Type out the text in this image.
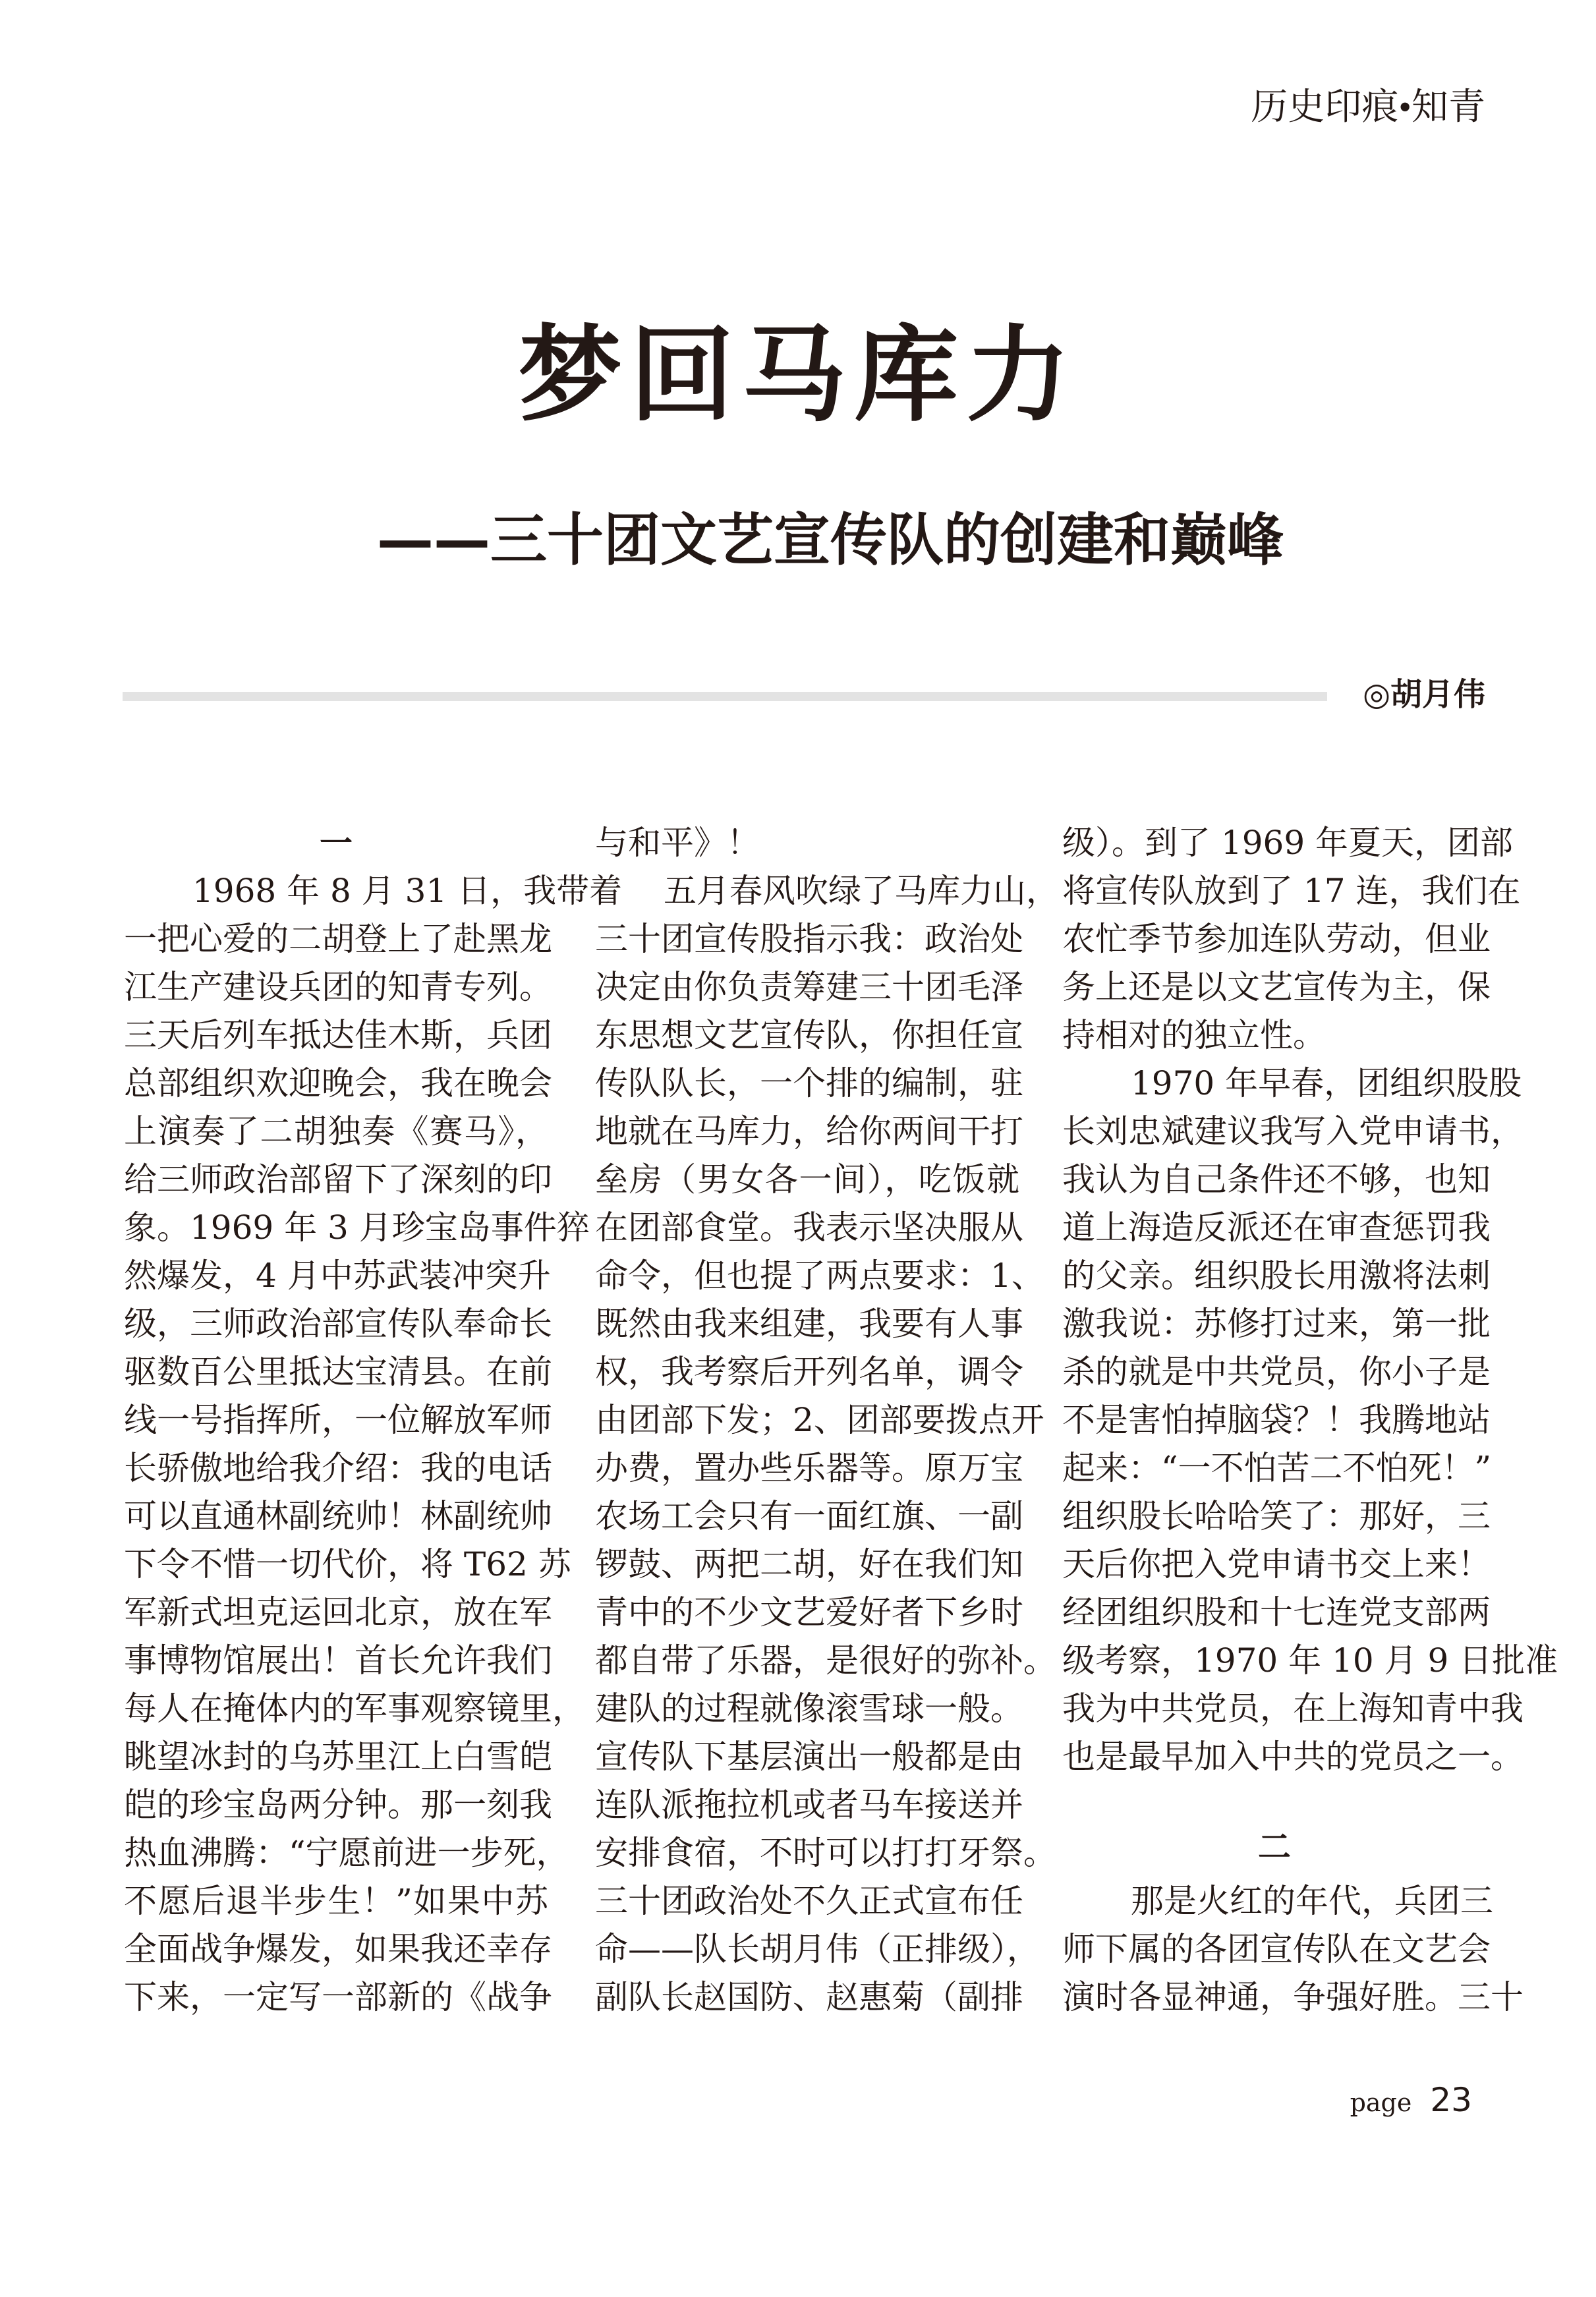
历史印痕•知青
梦回马库力
——三十团文艺宣传队的创建和巅峰
◎胡月伟
一
1968 年 8 月 31 日，我带着
一把心爱的二胡登上了赴黑龙
江生产建设兵团的知青专列。
三天后列车抵达佳木斯，兵团
总部组织欢迎晚会，我在晚会
上演奏了二胡独奏《赛马》，
给三师政治部留下了深刻的印
象。1969 年 3 月珍宝岛事件猝
然爆发，4 月中苏武装冲突升
级，三师政治部宣传队奉命长
驱数百公里抵达宝清县。在前
线一号指挥所，一位解放军师
长骄傲地给我介绍：我的电话
可以直通林副统帅！林副统帅
下令不惜一切代价，将 T62 苏
军新式坦克运回北京，放在军
事博物馆展出！首长允许我们
每人在掩体内的军事观察镜里，
眺望冰封的乌苏里江上白雪皑
皑的珍宝岛两分钟。那一刻我
热血沸腾：“宁愿前进一步死，
不愿后退半步生！”如果中苏
全面战争爆发，如果我还幸存
下来，一定写一部新的《战争
与和平》！
五月春风吹绿了马库力山，
三十团宣传股指示我：政治处
决定由你负责筹建三十团毛泽
东思想文艺宣传队，你担任宣
传队队长，一个排的编制，驻
地就在马库力，给你两间干打
垒房（男女各一间），吃饭就
在团部食堂。我表示坚决服从
命令，但也提了两点要求：1、
既然由我来组建，我要有人事
权，我考察后开列名单，调令
由团部下发；2、团部要拨点开
办费，置办些乐器等。原万宝
农场工会只有一面红旗、一副
锣鼓、两把二胡，好在我们知
青中的不少文艺爱好者下乡时
都自带了乐器，是很好的弥补。
建队的过程就像滚雪球一般。
宣传队下基层演出一般都是由
连队派拖拉机或者马车接送并
安排食宿，不时可以打打牙祭。
三十团政治处不久正式宣布任
命——队长胡月伟（正排级），
副队长赵国防、赵惠菊（副排
级）。到了 1969 年夏天，团部
将宣传队放到了 17 连，我们在
农忙季节参加连队劳动，但业
务上还是以文艺宣传为主，保
持相对的独立性。
1970 年早春，团组织股股
长刘忠斌建议我写入党申请书，
我认为自己条件还不够，也知
道上海造反派还在审查惩罚我
的父亲。组织股长用激将法刺
激我说：苏修打过来，第一批
杀的就是中共党员，你小子是
不是害怕掉脑袋？！我腾地站
起来：“一不怕苦二不怕死！”
组织股长哈哈笑了：那好，三
天后你把入党申请书交上来！
经团组织股和十七连党支部两
级考察，1970 年 10 月 9 日批准
我为中共党员，在上海知青中我
也是最早加入中共的党员之一。
二
那是火红的年代，兵团三
师下属的各团宣传队在文艺会
演时各显神通，争强好胜。三十
page 23
